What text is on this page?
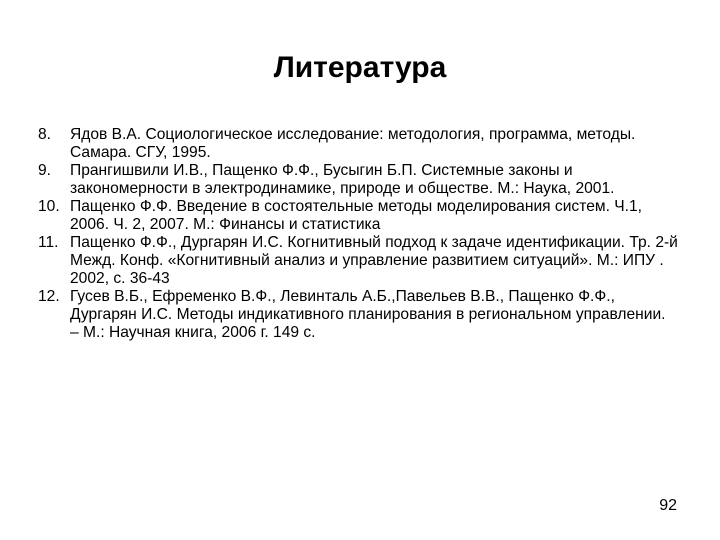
Литература
8. Ядов В.А. Социологическое исследование: методология, программа, методы. Самара. СГУ, 1995.
9. Прангишвили И.В., Пащенко Ф.Ф., Бусыгин Б.П. Системные законы и закономерности в электродинамике, природе и обществе. М.: Наука, 2001.
10. Пащенко Ф.Ф. Введение в состоятельные методы моделирования систем. Ч.1, 2006. Ч. 2, 2007. М.: Финансы и статистика
11. Пащенко Ф.Ф., Дургарян И.С. Когнитивный подход к задаче идентификации. Тр. 2-й Межд. Конф. «Когнитивный анализ и управление развитием ситуаций». М.: ИПУ . 2002, с. 36-43
12. Гусев В.Б., Ефременко В.Ф., Левинталь А.Б.,Павельев В.В., Пащенко Ф.Ф., Дургарян И.С. Методы индикативного планирования в региональном управлении. – М.: Научная книга, 2006 г. 149 с.
92
